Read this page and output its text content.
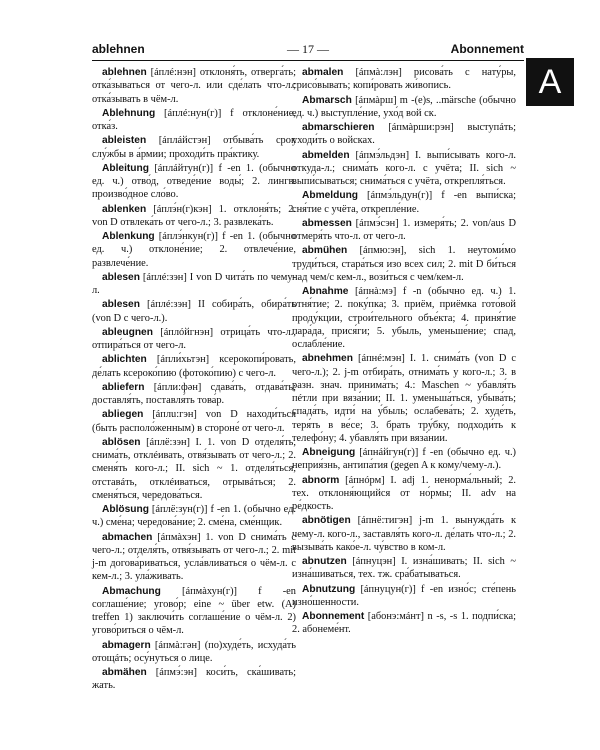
ablehnen	— 17 —	Abonnement
A

ablehnen [áплé:нэн] отклоня́ть, отверга́ть; отка́зываться от чего-л. или сде́лать что-л.; отка́зывать в чём-л.

Ablehnung [áплé:нун(г)] f отклоне́ние, отка́з.

ableisten [áплáйстэн] отбыва́ть срок слу́жбы в а́рмии; проходи́ть пра́ктику.

Ableitung [áплáйтун(г)] f -en 1. (обычно ед. ч.) отво́д, отведе́ние воды́; 2. лингв. произво́дное сло́во.

ablenken [áплэ́н(г)кэн] 1. отклоня́ть; 2. von D отвлека́ть от чего-л.; 3. развлека́ть.

Ablenkung [áплэ́нкун(г)] f -en 1. (обычно ед. ч.) отклоне́ние; 2. отвлече́ние, развлече́ние.

ablesen [áплé:зэн] I von D чита́ть по чему-л.

ablesen [áплé:зэн] II собира́ть, обира́ть (von D с чего-л.).

ableugnen [áплóйгнэн] отрица́ть что-л., отпира́ться от чего-л.

ablichten [áпли́хьтэн] ксерокопи́ровать, де́лать ксероко́пию (фотоко́пию) с чего-л.

abliefern [áпли:фəн] сдава́ть, отдава́ть; доставля́ть, поставля́ть това́р.

abliegen [áплu:гэн] von D находи́ться (быть располо́женным) в стороне́ от чего-л.

ablösen [áплё:зэн] I. 1. von D отделя́ть, снима́ть, отклéивать, отвя́зывать от чего-л.; 2. сменя́ть кого-л.; II. sich ~ 1. отделя́ться, отставáть, отклéиваться, отрывáться; 2. сменя́ться, чередова́ться.

Ablösung [áплё:зун(г)] f -en 1. (обычно ед. ч.) сме́на; чередова́ние; 2. сме́на, сме́нщик.

abmachen [áпмàхэн] 1. von D снима́ть с чего-л.; отделя́ть, отвя́зывать от чего-л.; 2. mit j-m догова́риваться, усла́вливаться о чём-л. с кем-л.; 3. ула́живать.

Abmachung [áпмàхун(г)] f -en соглаше́ние; угово́р; eine ~ über etw. (A) treffen 1) заключи́ть соглаше́ние о чём-л. 2) угово́риться о чём-л.

abmagern [áпмà:гəн] (по)худе́ть, исхуда́ть отощáть; осу́нуться о лице.

abmähen [áпмэ́:эн] коси́ть, ска́шивать; жать.

abmalen [áпмà:лэн] рисова́ть с нату́ры, срисо́вывать; копи́ровать жи́вопись.

Abmarsch [áпмàрш] m -(e)s, ..märsche (обычно ед. ч.) выступле́ние, ухо́д вой ск.

abmarschieren [áпмàрши:рэн] выступáть; уходи́ть о войсках.

abmelden [áпмэ́льдэн] I. выпи́сывать кого-л. откуда-л.; снима́ть кого-л. с учёта; II. sich ~ выпи́сываться; снима́ться с учёта, открепля́ться.

Abmeldung [áпмэ́льдун(г)] f -en выпи́ска; сня́тие с учёта, открепле́ние.

abmessen [áпмэ́сэн] 1. измеря́ть; 2. von/aus D отмеря́ть что-л. от чего-л.

abmühen [áпмю:эн], sich 1. неутоми́мо труди́ться, стара́ться изо всех сил; 2. mit D би́ться над чем/с кем-л., вози́ться с чем/кем-л.

Abnahme [áпнà:мэ] f -n (обычно ед. ч.) 1. отня́тие; 2. поку́пка; 3. приём, приёмка гото́вой проду́кции, строи́тельного объе́кта; 4. приня́тие пара́да, прися́ги; 5. убыль, уменьше́ние; спад, ослабле́ние.

abnehmen [áпнé:мэн] I. 1. снима́ть (von D с чего-л.); 2. j-m отбира́ть, отнима́ть у кого-л.; 3. в разн. знач. принима́ть; 4.: Maschen ~ убавля́ть пéтли при вяза́нии; II. 1. уменьша́ться, убыва́ть; спада́ть, идти́ на у́быль; ослабева́ть; 2. худе́ть, теря́ть в ве́се; 3. брать тру́бку, подходи́ть к телефо́ну; 4. убавля́ть при вяза́нии.

Abneigung [áпнáйгун(г)] f -en (обычно ед. ч.) неприя́знь, антипа́тия (gegen A к кому/чему-л.).

abnorm [áпнóрм] I. adj 1. ненорма́льный; 2. тех. отклоня́ющийся от но́рмы; II. adv на ре́дкость.

abnötigen [áпнё:тигэн] j-m 1. вынужда́ть к чему-л. кого-л., заставля́ть кого-л. де́лать что-л.; 2. вызыва́ть како́е-л. чу́вство в ком-л.

abnutzen [áпнуцэн] I. изна́шивать; II. sich ~ изна́шиваться, тех. тж. сра́батываться.

Abnutzung [áпнуцун(г)] f -en изно́с; сте́пень изно́шенности.

Abonnement [абонэ:мáнт] n -s, -s 1. подпи́ска; 2. абонеме́нт.
